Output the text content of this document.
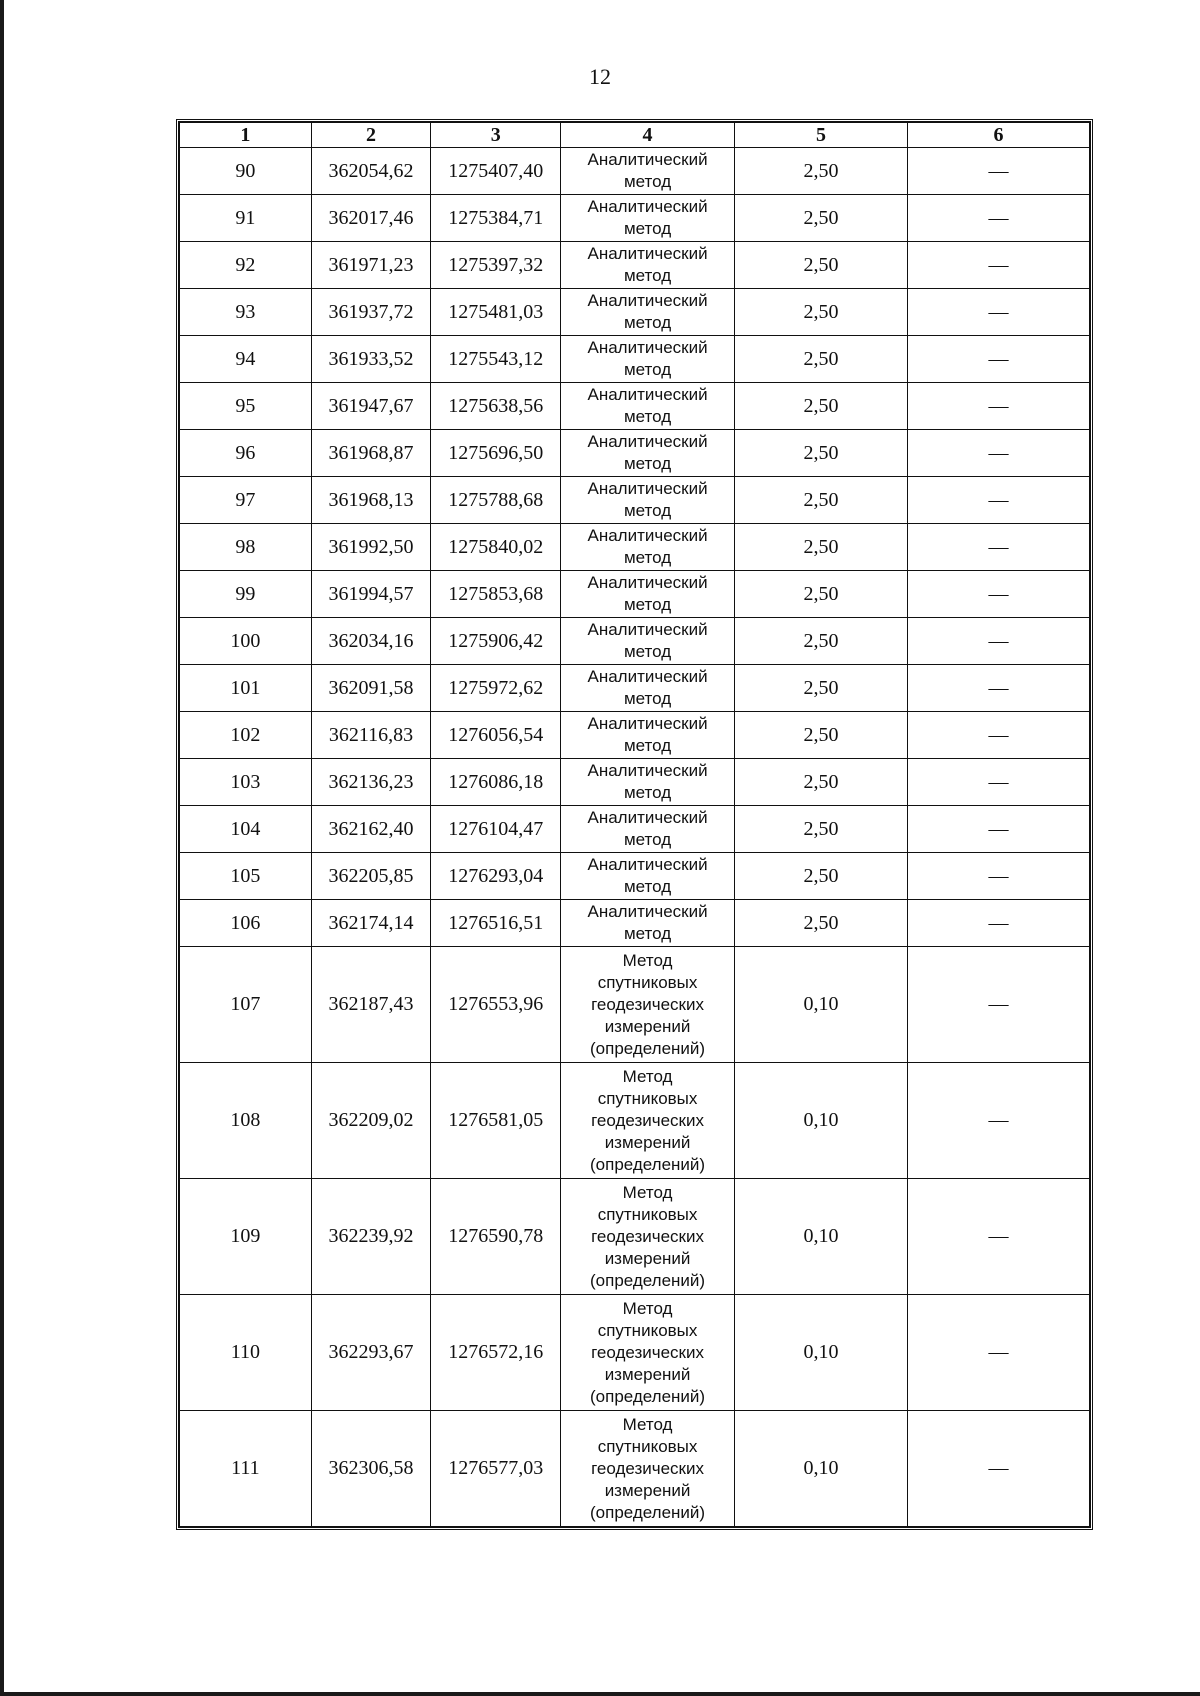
12
1	2	3	4	5	6
90	362054,62	1275407,40	Аналитический
метод	2,50	—
91	362017,46	1275384,71	Аналитический
метод	2,50	—
92	361971,23	1275397,32	Аналитический
метод	2,50	—
93	361937,72	1275481,03	Аналитический
метод	2,50	—
94	361933,52	1275543,12	Аналитический
метод	2,50	—
95	361947,67	1275638,56	Аналитический
метод	2,50	—
96	361968,87	1275696,50	Аналитический
метод	2,50	—
97	361968,13	1275788,68	Аналитический
метод	2,50	—
98	361992,50	1275840,02	Аналитический
метод	2,50	—
99	361994,57	1275853,68	Аналитический
метод	2,50	—
100	362034,16	1275906,42	Аналитический
метод	2,50	—
101	362091,58	1275972,62	Аналитический
метод	2,50	—
102	362116,83	1276056,54	Аналитический
метод	2,50	—
103	362136,23	1276086,18	Аналитический
метод	2,50	—
104	362162,40	1276104,47	Аналитический
метод	2,50	—
105	362205,85	1276293,04	Аналитический
метод	2,50	—
106	362174,14	1276516,51	Аналитический
метод	2,50	—
107	362187,43	1276553,96	Метод
спутниковых
геодезических
измерений
(определений)	0,10	—
108	362209,02	1276581,05	Метод
спутниковых
геодезических
измерений
(определений)	0,10	—
109	362239,92	1276590,78	Метод
спутниковых
геодезических
измерений
(определений)	0,10	—
110	362293,67	1276572,16	Метод
спутниковых
геодезических
измерений
(определений)	0,10	—
111	362306,58	1276577,03	Метод
спутниковых
геодезических
измерений
(определений)	0,10	—
